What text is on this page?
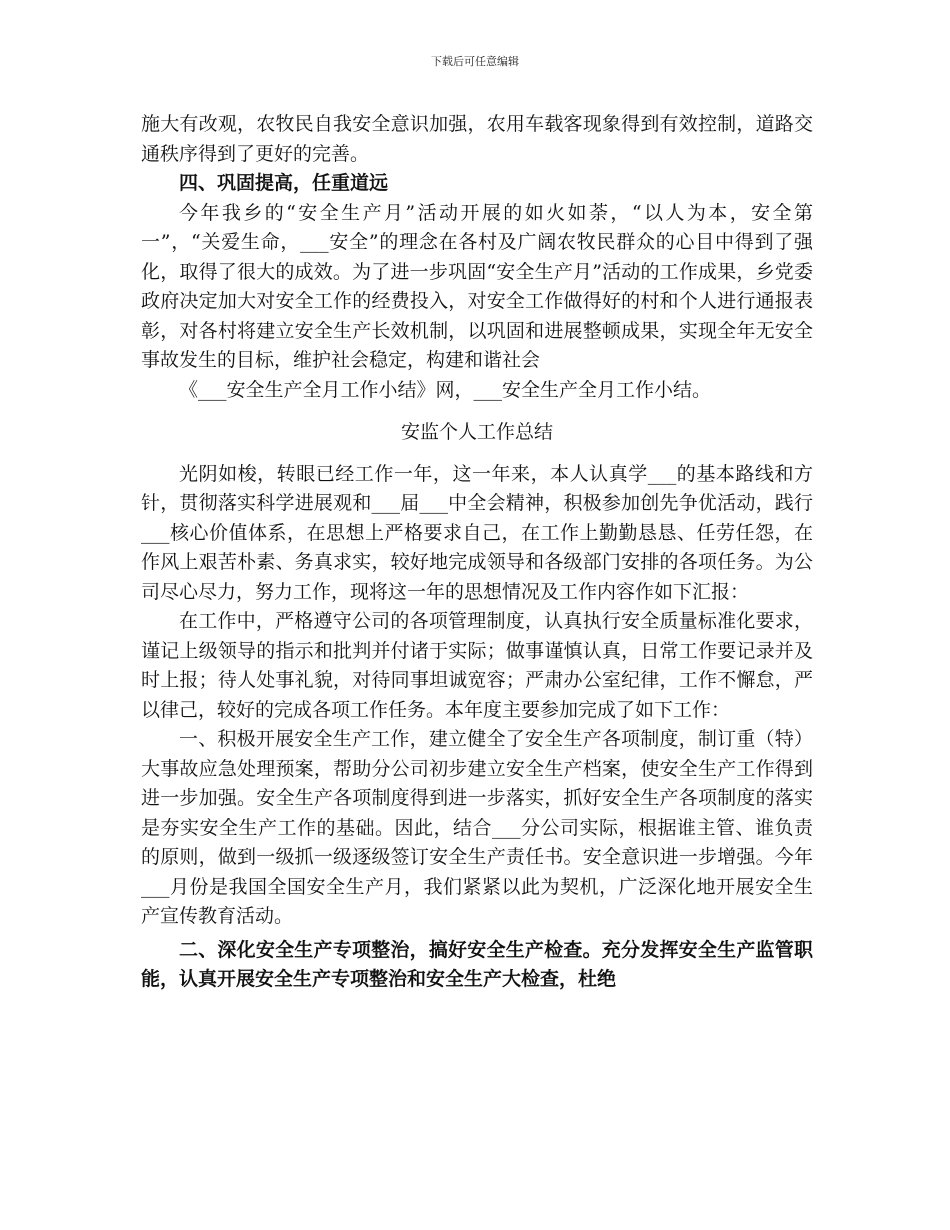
下载后可任意编辑

施大有改观，农牧民自我安全意识加强，农用车载客现象得到有效控制，道路交通秩序得到了更好的完善。

四、巩固提高，任重道远

今年我乡的“安全生产月”活动开展的如火如荼，“以人为本，安全第一”，“关爱生命，___安全”的理念在各村及广阔农牧民群众的心目中得到了强化，取得了很大的成效。为了进一步巩固“安全生产月”活动的工作成果，乡党委政府决定加大对安全工作的经费投入，对安全工作做得好的村和个人进行通报表彰，对各村将建立安全生产长效机制，以巩固和进展整顿成果，实现全年无安全事故发生的目标，维护社会稳定，构建和谐社会

《___安全生产全月工作小结》网，___安全生产全月工作小结。

安监个人工作总结

光阴如梭，转眼已经工作一年，这一年来，本人认真学___的基本路线和方针，贯彻落实科学进展观和___届___中全会精神，积极参加创先争优活动，践行___核心价值体系，在思想上严格要求自己，在工作上勤勤恳恳、任劳任怨，在作风上艰苦朴素、务真求实，较好地完成领导和各级部门安排的各项任务。为公司尽心尽力，努力工作，现将这一年的思想情况及工作内容作如下汇报：

在工作中，严格遵守公司的各项管理制度，认真执行安全质量标准化要求，谨记上级领导的指示和批判并付诸于实际；做事谨慎认真，日常工作要记录并及时上报；待人处事礼貌，对待同事坦诚宽容；严肃办公室纪律，工作不懈怠，严以律己，较好的完成各项工作任务。本年度主要参加完成了如下工作：

一、积极开展安全生产工作，建立健全了安全生产各项制度，制订重（特）大事故应急处理预案，帮助分公司初步建立安全生产档案，使安全生产工作得到进一步加强。安全生产各项制度得到进一步落实，抓好安全生产各项制度的落实是夯实安全生产工作的基础。因此，结合___分公司实际，根据谁主管、谁负责的原则，做到一级抓一级逐级签订安全生产责任书。安全意识进一步增强。今年___月份是我国全国安全生产月，我们紧紧以此为契机，广泛深化地开展安全生产宣传教育活动。

二、深化安全生产专项整治，搞好安全生产检查。充分发挥安全生产监管职能，认真开展安全生产专项整治和安全生产大检查，杜绝
